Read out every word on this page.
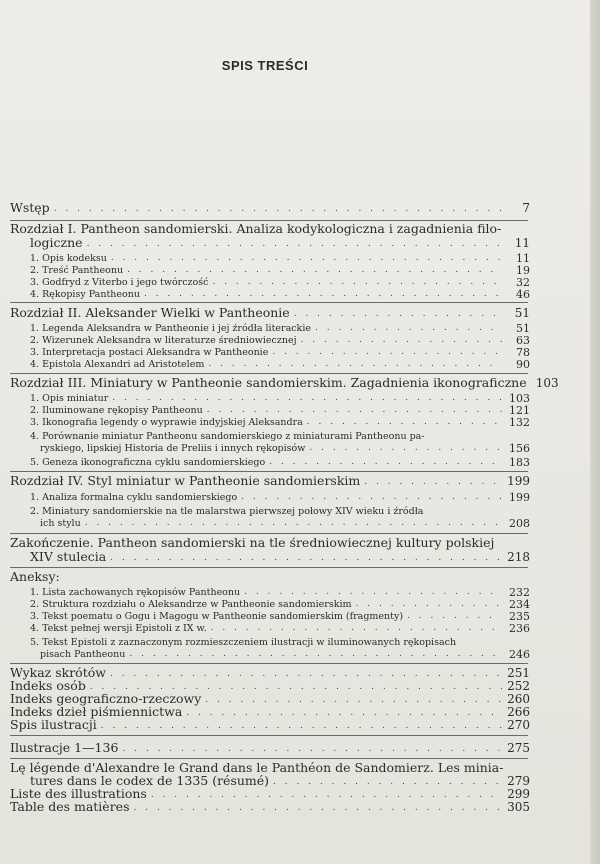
SPIS TREŚCI
Wstęp . . .	7
Rozdział I. Pantheon sandomierski. Analiza kodykologiczna i zagadnienia filo-
logiczne . . .	11
1. Opis kodeksu . . .	11
2. Treść Pantheonu . . .	19
3. Godfryd z Viterbo i jego twórczość . . .	32
4. Rękopisy Pantheonu . . .	46
Rozdział II. Aleksander Wielki w Pantheonie . . .	51
1. Legenda Aleksandra w Pantheonie i jej źródła literackie . . .	51
2. Wizerunek Aleksandra w literaturze średniowiecznej . . .	63
3. Interpretacja postaci Aleksandra w Pantheonie . . .	78
4. Epistola Alexandri ad Aristotelem . . .	90
Rozdział III. Miniatury w Pantheonie sandomierskim. Zagadnienia ikonograficzne 103
1. Opis miniatur . . .	103
2. Iluminowane rękopisy Pantheonu . . .	121
3. Ikonografia legendy o wyprawie indyjskiej Aleksandra . . .	132
4. Porównanie miniatur Pantheonu sandomierskiego z miniaturami Pantheonu pa-
ryskiego, lipskiej Historia de Preliis i innych rękopisów . . .	156
5. Geneza ikonograficzna cyklu sandomierskiego . . .	183
Rozdział IV. Styl miniatur w Pantheonie sandomierskim . . .	199
1. Analiza formalna cyklu sandomierskiego . . .	199
2. Miniatury sandomierskie na tle malarstwa pierwszej połowy XIV wieku i źródła
ich stylu . . .	208
Zakończenie. Pantheon sandomierski na tle średniowiecznej kultury polskiej
XIV stulecia . . .	218
Aneksy:
1. Lista zachowanych rękopisów Pantheonu . . .	232
2. Struktura rozdziału o Aleksandrze w Pantheonie sandomierskim . . .	234
3. Tekst poematu o Gogu i Magogu w Pantheonie sandomierskim (fragmenty) . . .	235
4. Tekst pełnej wersji Epistoli z IX w. . . .	236
5. Tekst Epistoli z zaznaczonym rozmieszczeniem ilustracji w iluminowanych rękopisach
pisach Pantheonu . . .	246
Wykaz skrótów . . .	251
Indeks osób . . .	252
Indeks geograficzno-rzeczowy . . .	260
Indeks dzieł piśmiennictwa . . .	266
Spis ilustracji . . .	270
Ilustracje 1—136 . . .	275
Lę légende d'Alexandre le Grand dans le Panthéon de Sandomierz. Les minia-
tures dans le codex de 1335 (résumé) . . .	279
Liste des illustrations . . .	299
Table des matières . . .	305
